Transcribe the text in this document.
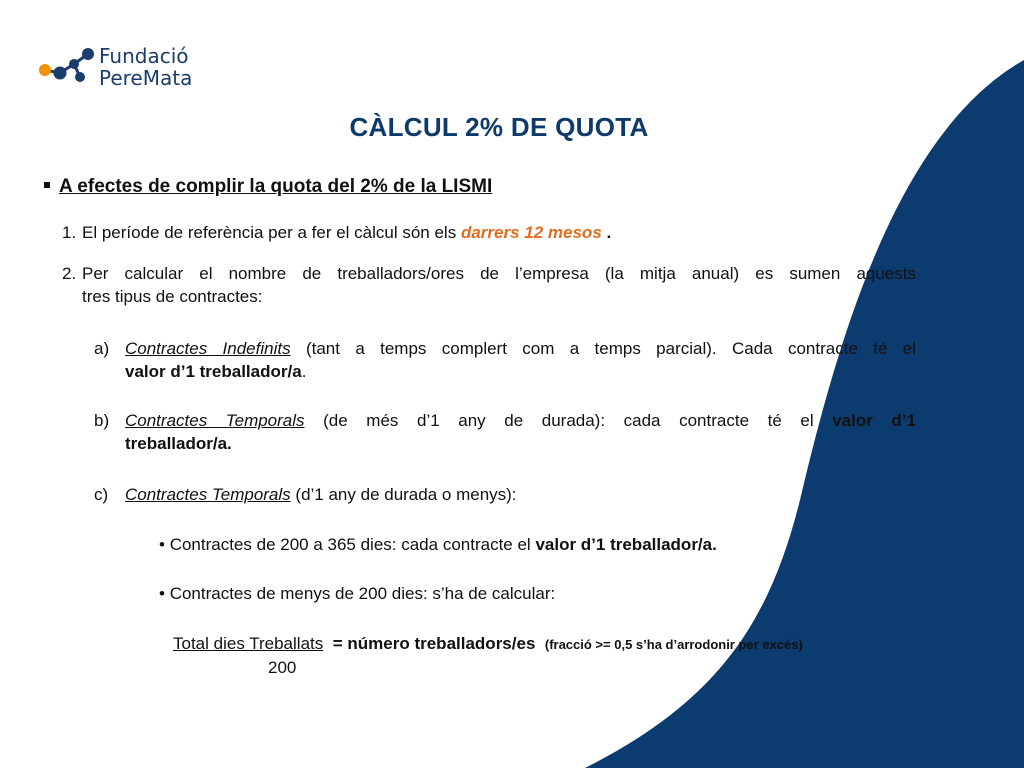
Fundació
PereMata
CÀLCUL 2% DE QUOTA
A efectes de complir la quota del 2% de la LISMI
1. El període de referència per a fer el càlcul són els darrers 12 mesos .
2. Per calcular el nombre de treballadors/ores de l’empresa (la mitja anual) es sumen aquests
tres tipus de contractes:
a) Contractes Indefinits (tant a temps complert com a temps parcial). Cada contracte té el
valor d’1 treballador/a.
b) Contractes Temporals (de més d’1 any de durada): cada contracte té el valor d’1
treballador/a.
c) Contractes Temporals (d’1 any de durada o menys):
• Contractes de 200 a 365 dies: cada contracte el valor d’1 treballador/a.
• Contractes de menys de 200 dies: s’ha de calcular:
Total dies Treballats = número treballadors/es (fracció >= 0,5 s’ha d’arrodonir per excés)
200
